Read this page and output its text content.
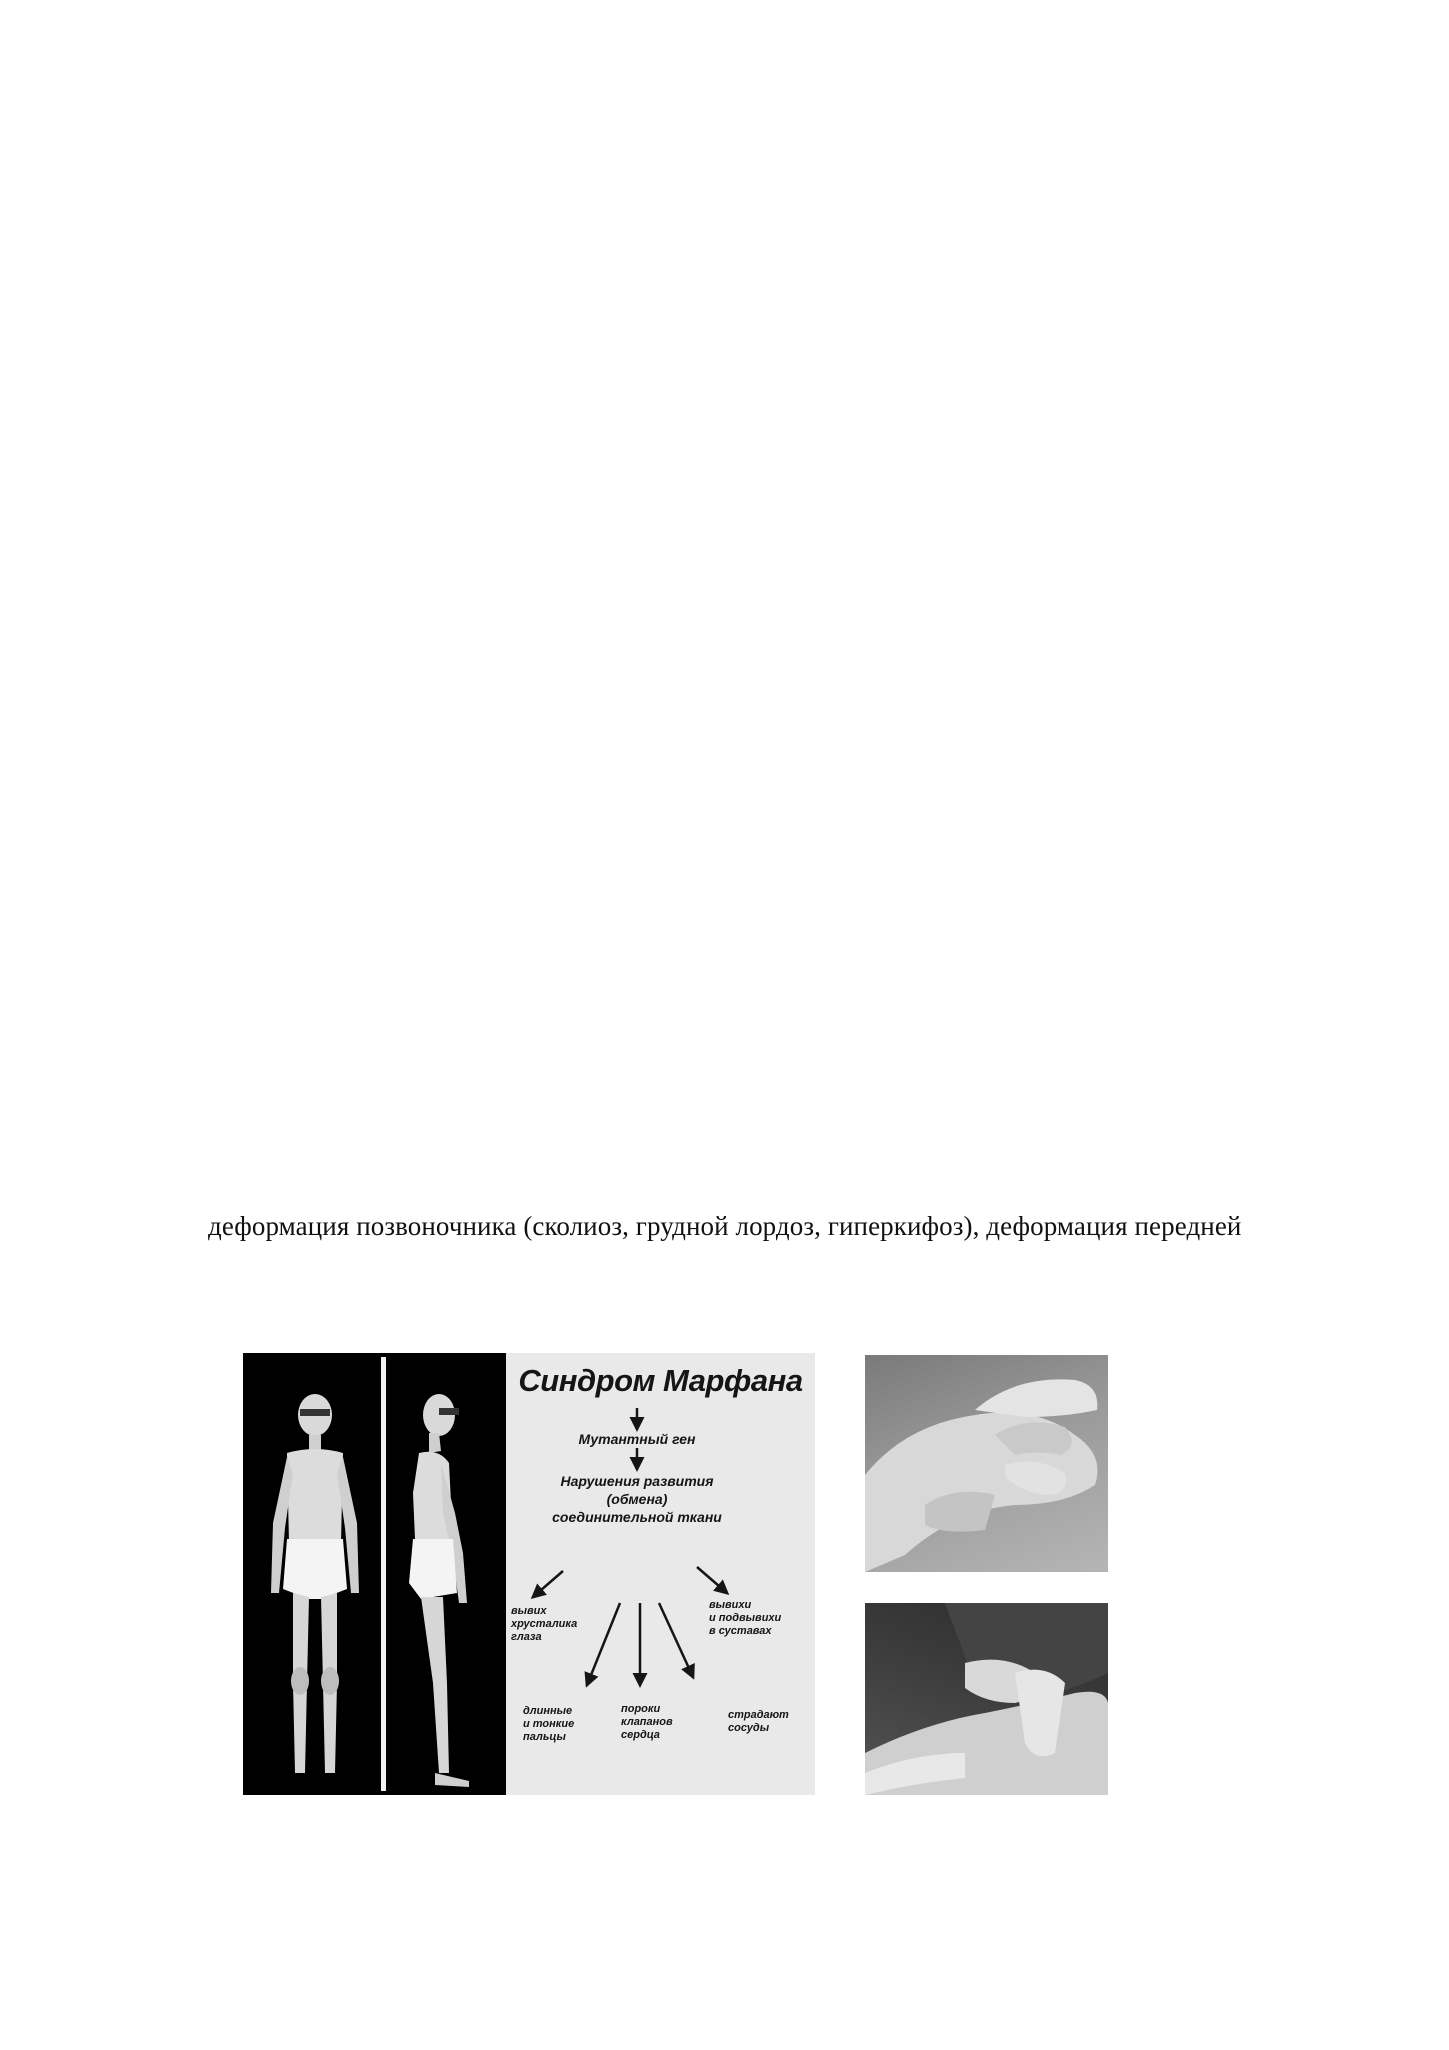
деформация позвоночника (сколиоз, грудной лордоз, гиперкифоз), деформация передней
Синдром Марфана
Мутантный ген
Нарушения развития
(обмена)
соединительной ткани
вывих
хрусталика
глаза
вывихи
и подвывихи
в суставах
длинные
и тонкие
пальцы
пороки
клапанов
сердца
страдают
сосуды
